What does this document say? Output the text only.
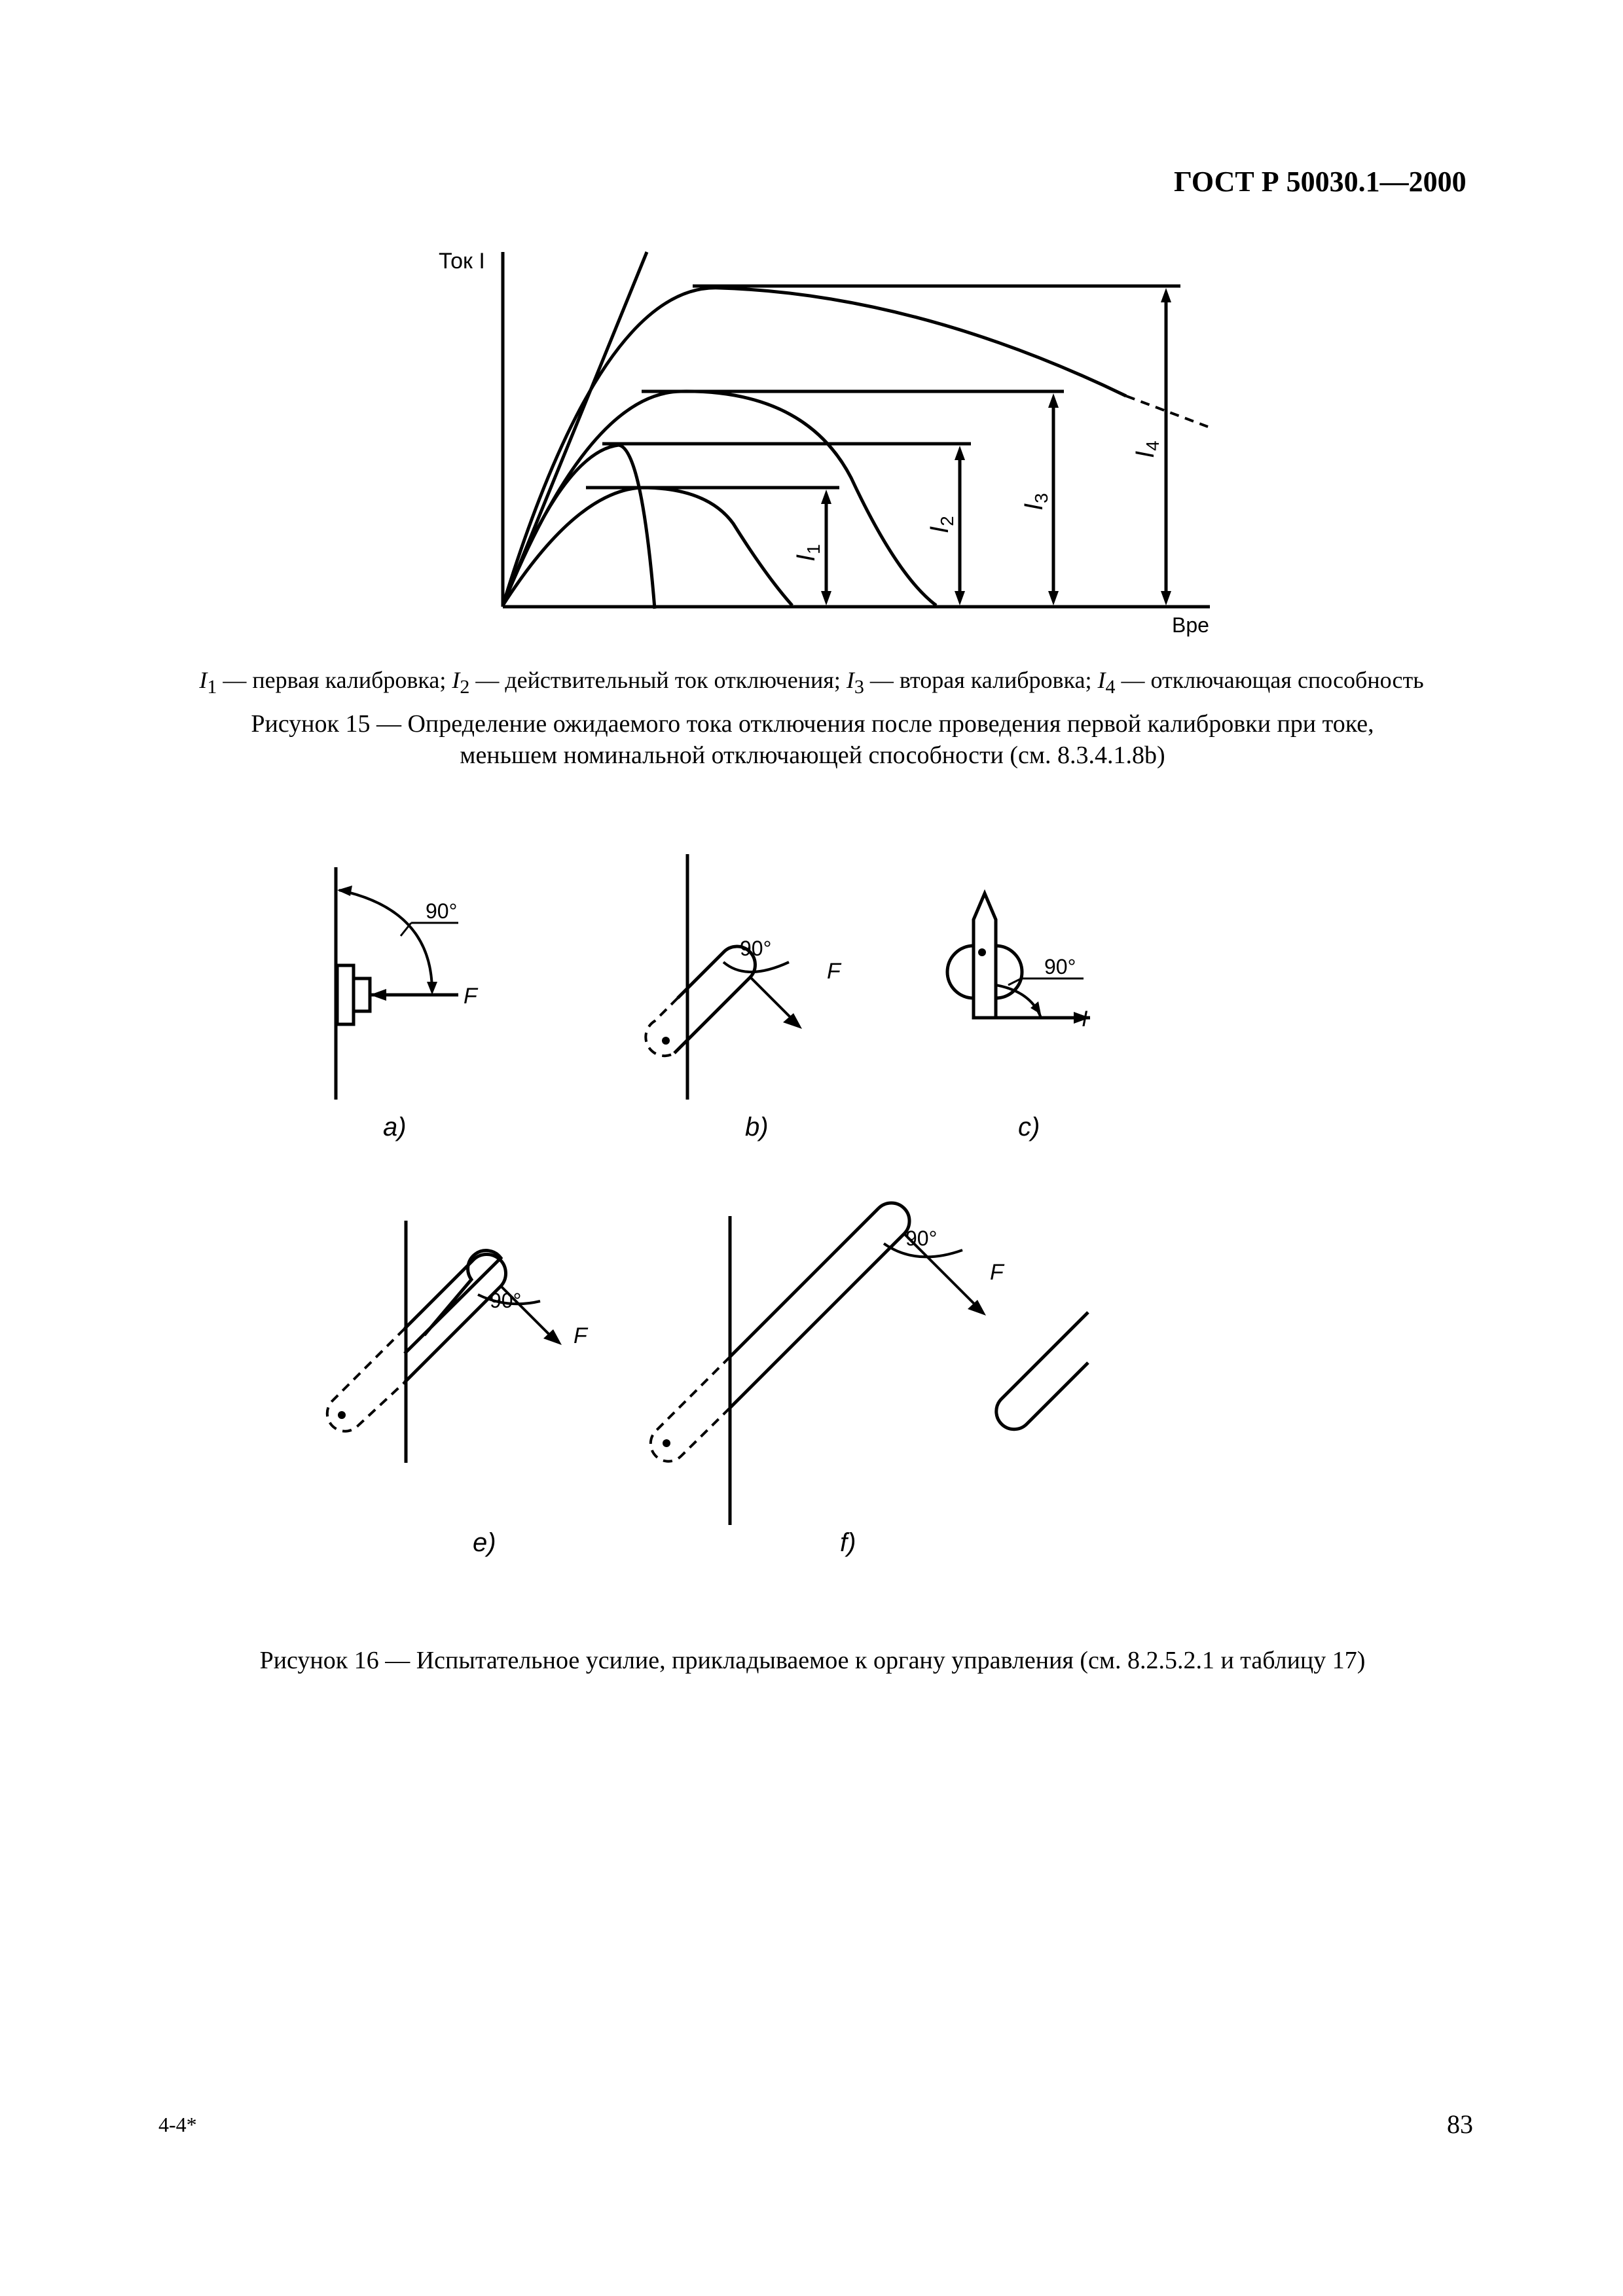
ГОСТ Р 50030.1—2000
Ток I
Вре
$I_4$
$I_3$
$I_2$
$I_1$
$I_1$ — первая калибровка; $I_2$ — действительный ток отключения; $I_3$ — вторая калибровка; $I_4$ — отключающая способность
Рисунок 15 — Определение ожидаемого тока отключения после проведения первой калибровки при токе,
меньшем номинальной отключающей способности (см. 8.3.4.1.8b)
90°
F
a)
90°
F
b)
90°
I
c)
90°
F
e)
90°
F
f)
Рисунок 16 — Испытательное усилие, прикладываемое к органу управления (см. 8.2.5.2.1 и таблицу 17)
4-4*	83
